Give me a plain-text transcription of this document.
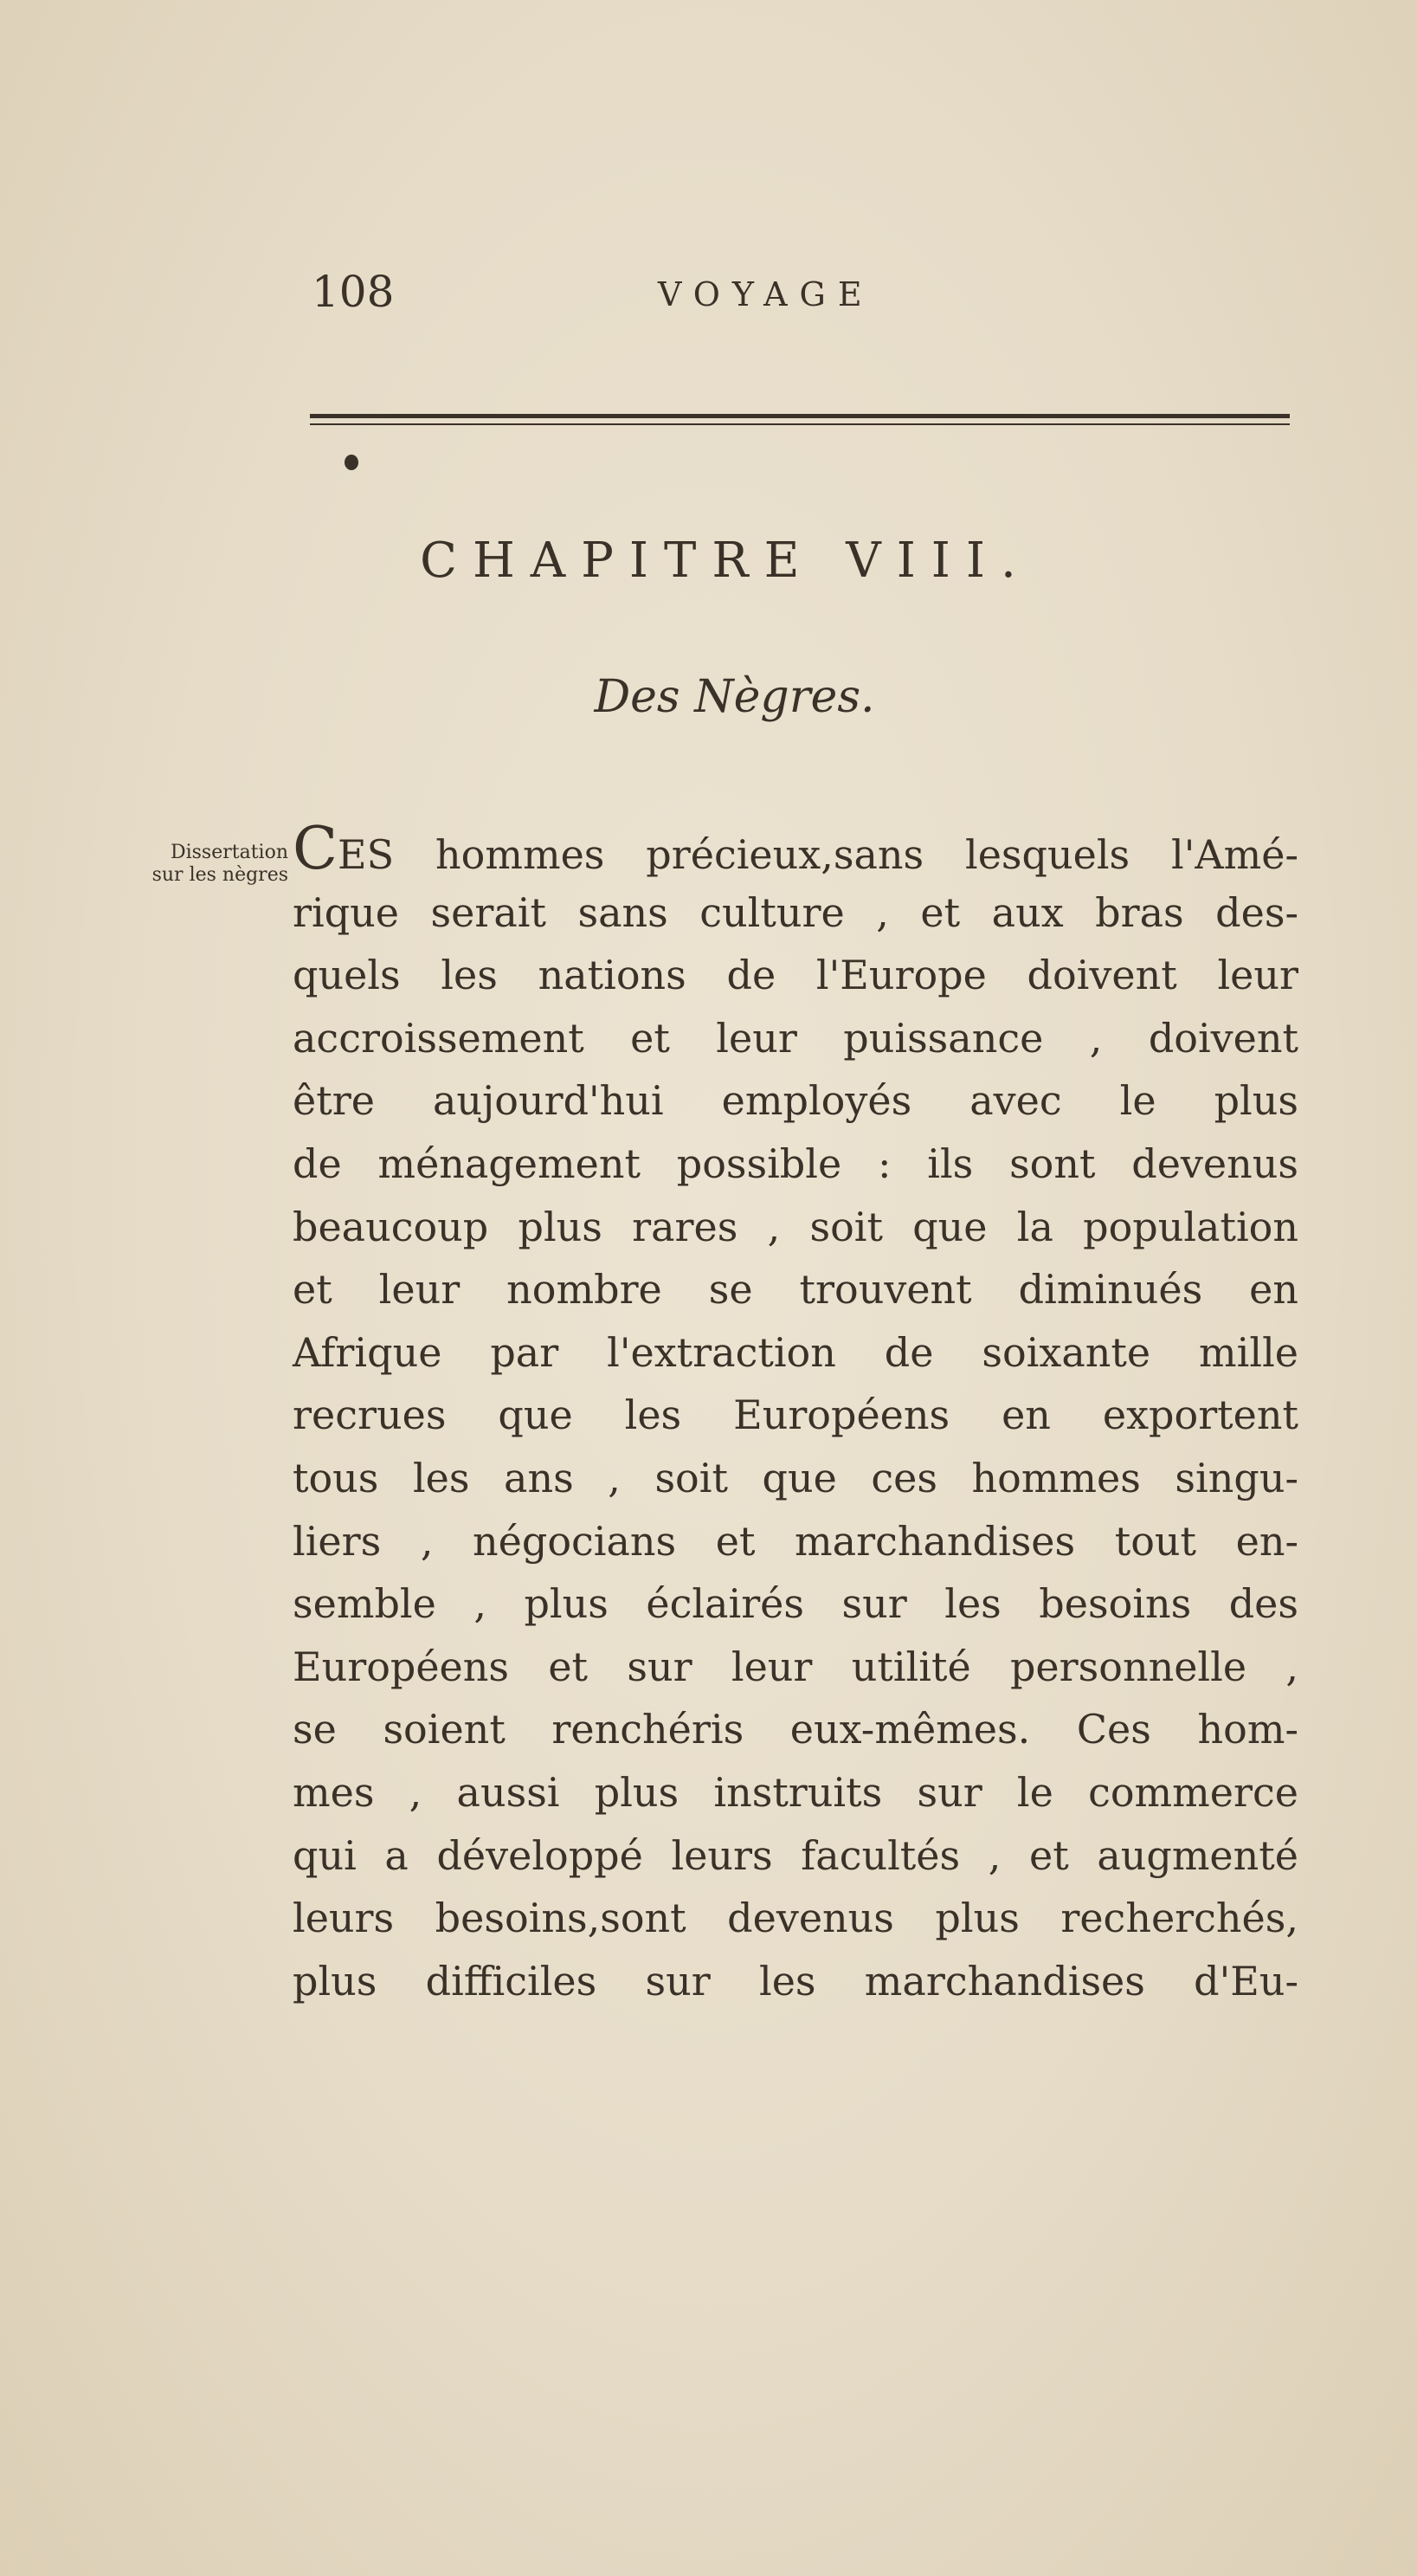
108	VOYAGE
CHAPITRE VIII.
Des Nègres.
Dissertation
sur les nègres CES hommes précieux,sans lesquels l'Amé-
rique serait sans culture , et aux bras des-
quels les nations de l'Europe doivent leur
accroissement et leur puissance , doivent
être aujourd'hui employés avec le plus
de ménagement possible : ils sont devenus
beaucoup plus rares , soit que la population
et leur nombre se trouvent diminués en
Afrique par l'extraction de soixante mille
recrues que les Européens en exportent
tous les ans , soit que ces hommes singu-
liers , négocians et marchandises tout en-
semble , plus éclairés sur les besoins des
Européens et sur leur utilité personnelle ,
se soient renchéris eux-mêmes. Ces hom-
mes , aussi plus instruits sur le commerce
qui a développé leurs facultés , et augmenté
leurs besoins,sont devenus plus recherchés,
plus difficiles sur les marchandises d'Eu-
